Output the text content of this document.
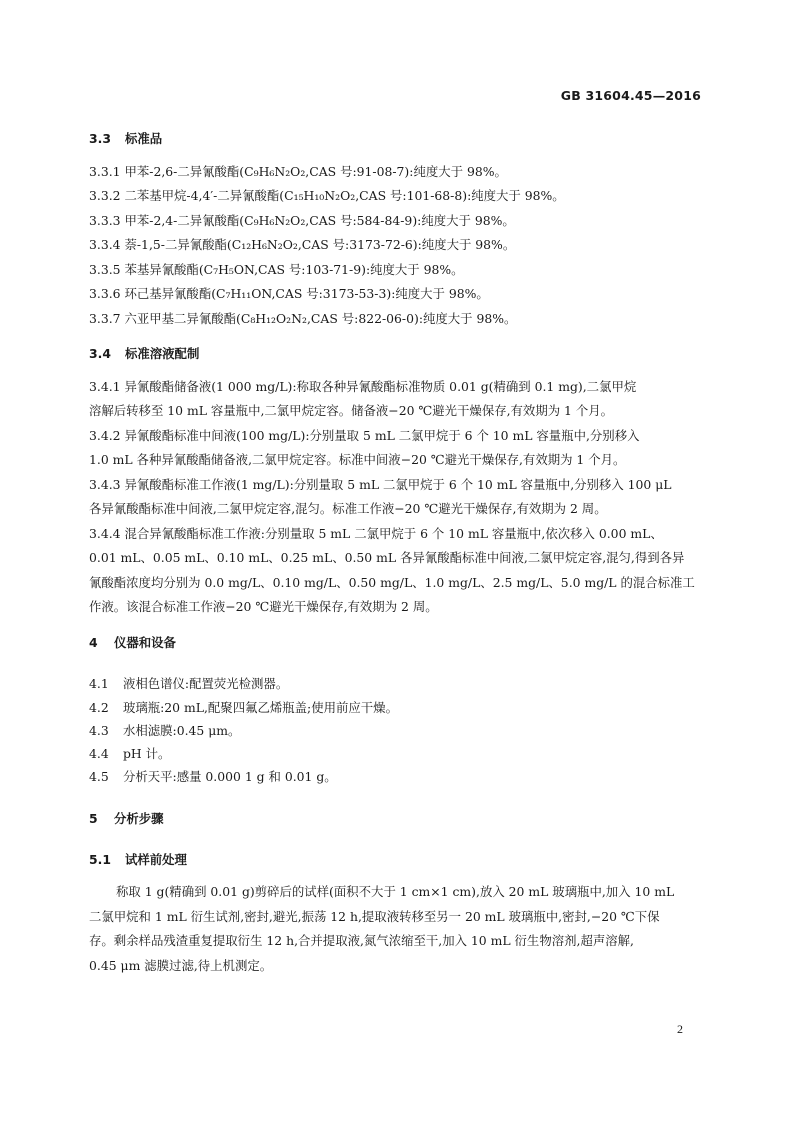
GB 31604.45—2016
3.3 标准品
3.3.1 甲苯-2,6-二异氰酸酯(C₉H₆N₂O₂,CAS 号:91-08-7):纯度大于 98%。
3.3.2 二苯基甲烷-4,4′-二异氰酸酯(C₁₅H₁₀N₂O₂,CAS 号:101-68-8):纯度大于 98%。
3.3.3 甲苯-2,4-二异氰酸酯(C₉H₆N₂O₂,CAS 号:584-84-9):纯度大于 98%。
3.3.4 萘-1,5-二异氰酸酯(C₁₂H₆N₂O₂,CAS 号:3173-72-6):纯度大于 98%。
3.3.5 苯基异氰酸酯(C₇H₅ON,CAS 号:103-71-9):纯度大于 98%。
3.3.6 环己基异氰酸酯(C₇H₁₁ON,CAS 号:3173-53-3):纯度大于 98%。
3.3.7 六亚甲基二异氰酸酯(C₈H₁₂O₂N₂,CAS 号:822-06-0):纯度大于 98%。
3.4 标准溶液配制
3.4.1 异氰酸酯储备液(1 000 mg/L):称取各种异氰酸酯标准物质 0.01 g(精确到 0.1 mg),二氯甲烷
溶解后转移至 10 mL 容量瓶中,二氯甲烷定容。储备液−20 ℃避光干燥保存,有效期为 1 个月。
3.4.2 异氰酸酯标准中间液(100 mg/L):分别量取 5 mL 二氯甲烷于 6 个 10 mL 容量瓶中,分别移入
1.0 mL 各种异氰酸酯储备液,二氯甲烷定容。标准中间液−20 ℃避光干燥保存,有效期为 1 个月。
3.4.3 异氰酸酯标准工作液(1 mg/L):分别量取 5 mL 二氯甲烷于 6 个 10 mL 容量瓶中,分别移入 100 μL
各异氰酸酯标准中间液,二氯甲烷定容,混匀。标准工作液−20 ℃避光干燥保存,有效期为 2 周。
3.4.4 混合异氰酸酯标准工作液:分别量取 5 mL 二氯甲烷于 6 个 10 mL 容量瓶中,依次移入 0.00 mL、
0.01 mL、0.05 mL、0.10 mL、0.25 mL、0.50 mL 各异氰酸酯标准中间液,二氯甲烷定容,混匀,得到各异
氰酸酯浓度均分别为 0.0 mg/L、0.10 mg/L、0.50 mg/L、1.0 mg/L、2.5 mg/L、5.0 mg/L 的混合标准工
作液。该混合标准工作液−20 ℃避光干燥保存,有效期为 2 周。
4 仪器和设备
4.1 液相色谱仪:配置荧光检测器。
4.2 玻璃瓶:20 mL,配聚四氟乙烯瓶盖;使用前应干燥。
4.3 水相滤膜:0.45 μm。
4.4 pH 计。
4.5 分析天平:感量 0.000 1 g 和 0.01 g。
5 分析步骤
5.1 试样前处理
称取 1 g(精确到 0.01 g)剪碎后的试样(面积不大于 1 cm×1 cm),放入 20 mL 玻璃瓶中,加入 10 mL
二氯甲烷和 1 mL 衍生试剂,密封,避光,振荡 12 h,提取液转移至另一 20 mL 玻璃瓶中,密封,−20 ℃下保
存。剩余样品残渣重复提取衍生 12 h,合并提取液,氮气浓缩至干,加入 10 mL 衍生物溶剂,超声溶解,
0.45 μm 滤膜过滤,待上机测定。
2
